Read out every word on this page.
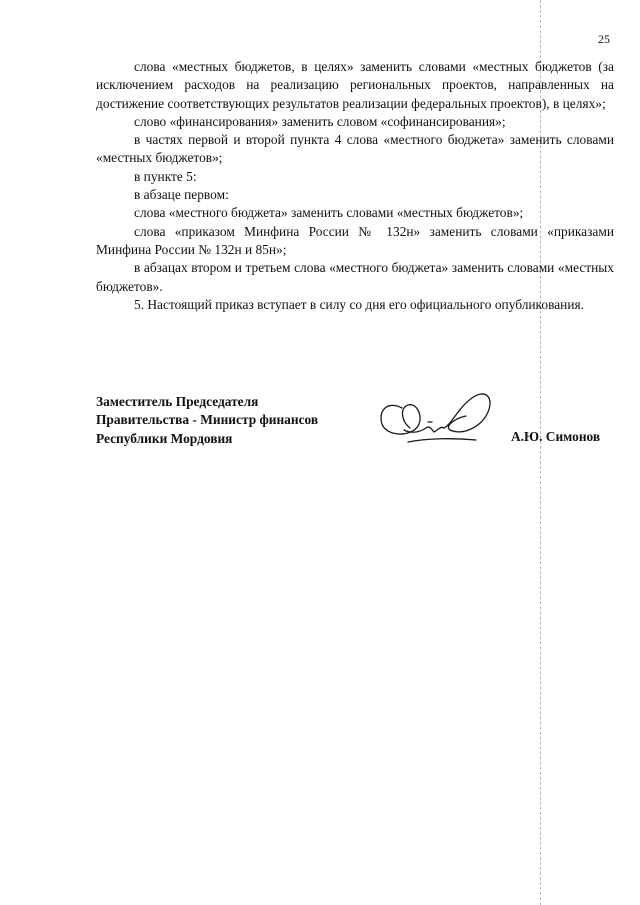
25

слова «местных бюджетов, в целях» заменить словами «местных бюджетов (за исключением расходов на реализацию региональных проектов, направленных на достижение соответствующих результатов реализации федеральных проектов), в целях»;

слово «финансирования» заменить словом «софинансирования»;

в частях первой и второй пункта 4 слова «местного бюджета» заменить словами «местных бюджетов»;

в пункте 5:

в абзаце первом:

слова «местного бюджета» заменить словами «местных бюджетов»;

слова «приказом Минфина России № 132н» заменить словами «приказами Минфина России № 132н и 85н»;

в абзацах втором и третьем слова «местного бюджета» заменить словами «местных бюджетов».

5. Настоящий приказ вступает в силу со дня его официального опубликования.

Заместитель Председателя
Правительства - Министр финансов
Республики Мордовия	А.Ю. Симонов
